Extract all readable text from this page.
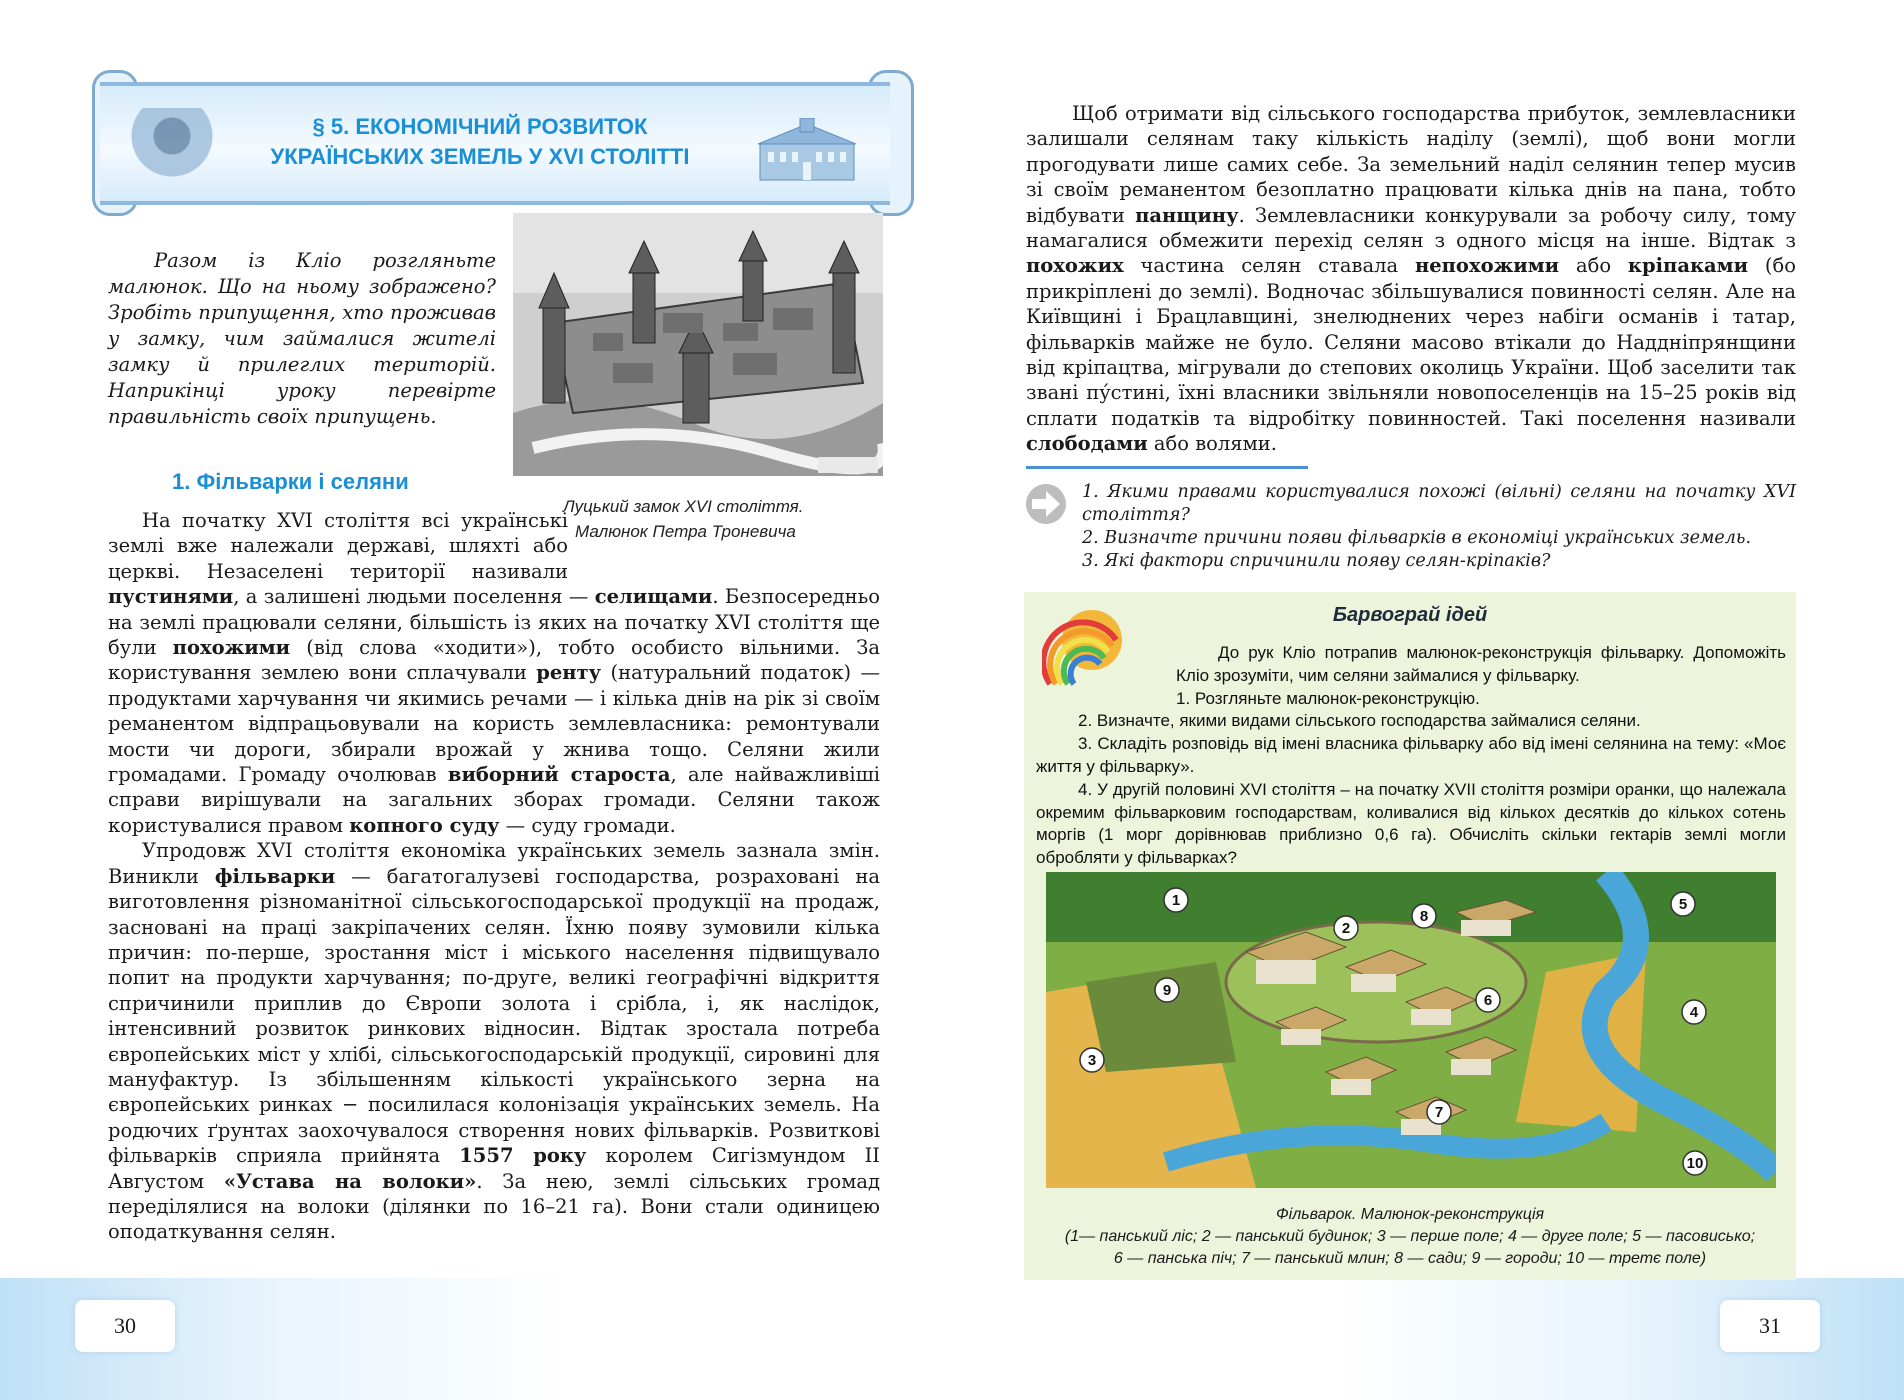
30	31
§ 5. ЕКОНОМІЧНИЙ РОЗВИТОК
УКРАЇНСЬКИХ ЗЕМЕЛЬ У XVI СТОЛІТТІ
Разом із Кліо розгляньте малюнок. Що на ньому зображено? Зробіть припущення, хто проживав у замку, чим займалися жителі замку й прилеглих територій. Наприкінці уроку перевірте правильність своїх припущень.
Луцький замок XVI століття.
Малюнок Петра Троневича
1. Фільварки і селяни

На початку XVI століття всі українські землі вже належали державі, шляхті або церкві. Незаселені території називали пустинями, а залишені людьми поселення — селищами. Безпосередньо на землі працювали селяни, більшість із яких на початку XVI століття ще були похожими (від слова «ходити»), тобто особисто вільними. За користування землею вони сплачували ренту (натуральний податок) — продуктами харчування чи якимись речами — і кілька днів на рік зі своїм реманентом відпрацьовували на користь землевласника: ремонтували мости чи дороги, збирали врожай у жнива тощо. Селяни жили громадами. Громаду очолював виборний староста, але найважливіші справи вирішували на загальних зборах громади. Селяни також користувалися правом копного суду — суду громади.

Упродовж XVI століття економіка українських земель зазнала змін. Виникли фільварки — багатогалузеві господарства, розраховані на виготовлення різноманітної сільськогосподарської продукції на продаж, засновані на праці закріпачених селян. Їхню появу зумовили кілька причин: по-перше, зростання міст і міського населення підвищувало попит на продукти харчування; по-друге, великі географічні відкриття спричинили приплив до Європи золота і срібла, і, як наслідок, інтенсивний розвиток ринкових відносин. Відтак зростала потреба європейських міст у хлібі, сільськогосподарській продукції, сировині для мануфактур. Із збільшенням кількості українського зерна на європейських ринках − посилилася колонізація українських земель. На родючих ґрунтах заохочувалося створення нових фільварків. Розвиткові фільварків сприяла прийнята 1557 року королем Сигізмундом ІІ Августом «Устава на волоки». За нею, землі сільських громад переділялися на волоки (ділянки по 16–21 га). Вони стали одиницею оподаткування селян.

Щоб отримати від сільського господарства прибуток, землевласники залишали селянам таку кількість наділу (землі), щоб вони могли прогодувати лише самих себе. За земельний наділ селянин тепер мусив зі своїм реманентом безоплатно працювати кілька днів на пана, тобто відбувати панщину. Землевласники конкурували за робочу силу, тому намагалися обмежити перехід селян з одного місця на інше. Відтак з похожих частина селян ставала непохожими або кріпаками (бо прикріплені до землі). Водночас збільшувалися повинності селян. Але на Київщині і Брацлавщині, знелюднених через набіги османів і татар, фільварків майже не було. Селяни масово втікали до Наддніпрянщини від кріпацтва, мігрували до степових околиць України. Щоб заселити так звані пу́стині, їхні власники звільняли новопоселенців на 15–25 років від сплати податків та відробітку повинностей. Такі поселення називали слободами або волями.

1. Якими правами користувалися похожі (вільні) селяни на початку XVI століття?
2. Визначте причини появи фільварків в економіці українських земель.
3. Які фактори спричинили появу селян-кріпаків?
Барвограй ідей
До рук Кліо потрапив малюнок-реконструкція фільварку. Допоможіть Кліо зрозуміти, чим селяни займалися у фільварку.
1. Розгляньте малюнок-реконструкцію.
2. Визначте, якими видами сільського господарства займалися селяни.
3. Складіть розповідь від імені власника фільварку або від імені селянина на тему: «Моє життя у фільварку».
4. У другій половині XVI століття – на початку XVII століття розміри оранки, що належала окремим фільварковим господарствам, коливалися від кількох десятків до кількох сотень моргів (1 морг дорівнював приблизно 0,6 га). Обчисліть скільки гектарів землі могли обробляти у фільварках?
1
2
3
4
5
6
7
8
9
10
Фільварок. Малюнок-реконструкція
(1— панський ліс; 2 — панський будинок; 3 — перше поле; 4 — друге поле; 5 — пасовисько;
6 — панська піч; 7 — панський млин; 8 — сади; 9 — городи; 10 — третє поле)
